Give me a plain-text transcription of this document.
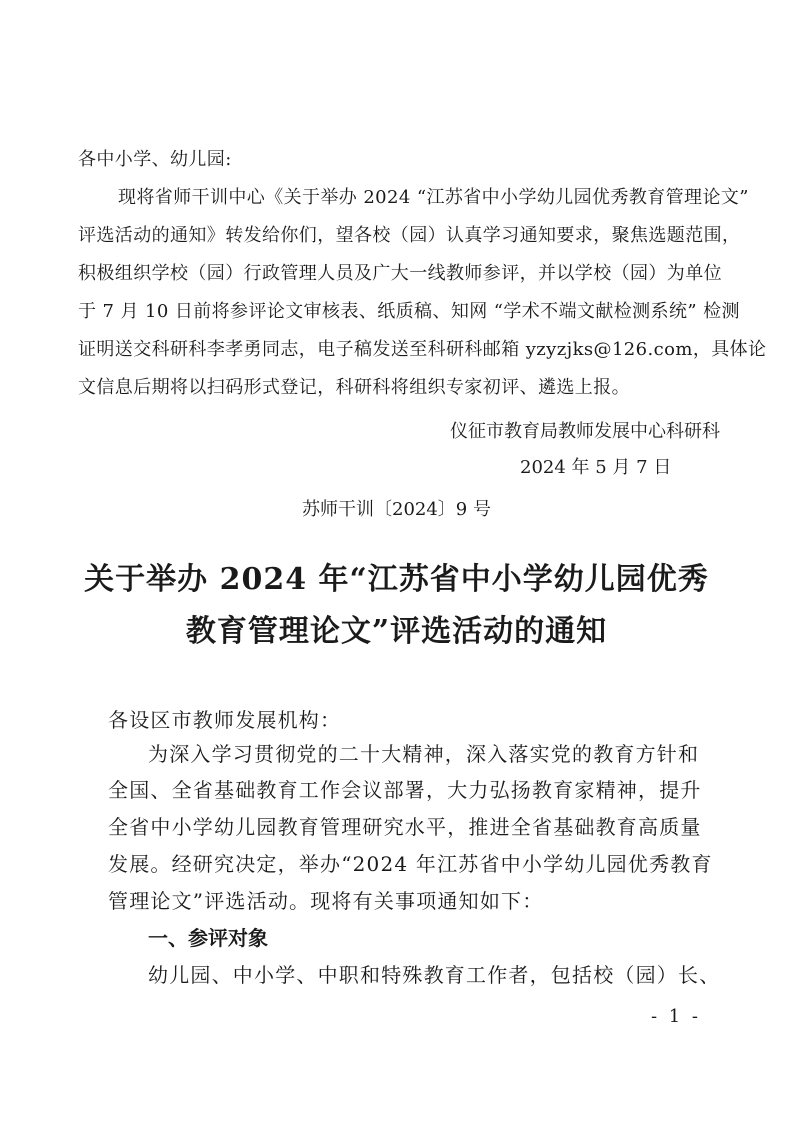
各中小学、幼儿园:
现将省师干训中心《关于举办 2024 “江苏省中小学幼儿园优秀教育管理论文”
评选活动的通知》转发给你们，望各校（园）认真学习通知要求，聚焦选题范围，
积极组织学校（园）行政管理人员及广大一线教师参评，并以学校（园）为单位
于 7 月 10 日前将参评论文审核表、纸质稿、知网 “学术不端文献检测系统” 检测
证明送交科研科李孝勇同志，电子稿发送至科研科邮箱 yzyzjks@126.com，具体论
文信息后期将以扫码形式登记，科研科将组织专家初评、遴选上报。
仪征市教育局教师发展中心科研科
2024 年 5 月 7 日
苏师干训〔2024〕9 号
关于举办 2024 年“江苏省中小学幼儿园优秀
教育管理论文”评选活动的通知
各设区市教师发展机构：
为深入学习贯彻党的二十大精神，深入落实党的教育方针和
全国、全省基础教育工作会议部署，大力弘扬教育家精神，提升
全省中小学幼儿园教育管理研究水平，推进全省基础教育高质量
发展。经研究决定，举办“2024 年江苏省中小学幼儿园优秀教育
管理论文”评选活动。现将有关事项通知如下：
一、参评对象
幼儿园、中小学、中职和特殊教育工作者，包括校（园）长、
- 1 -
